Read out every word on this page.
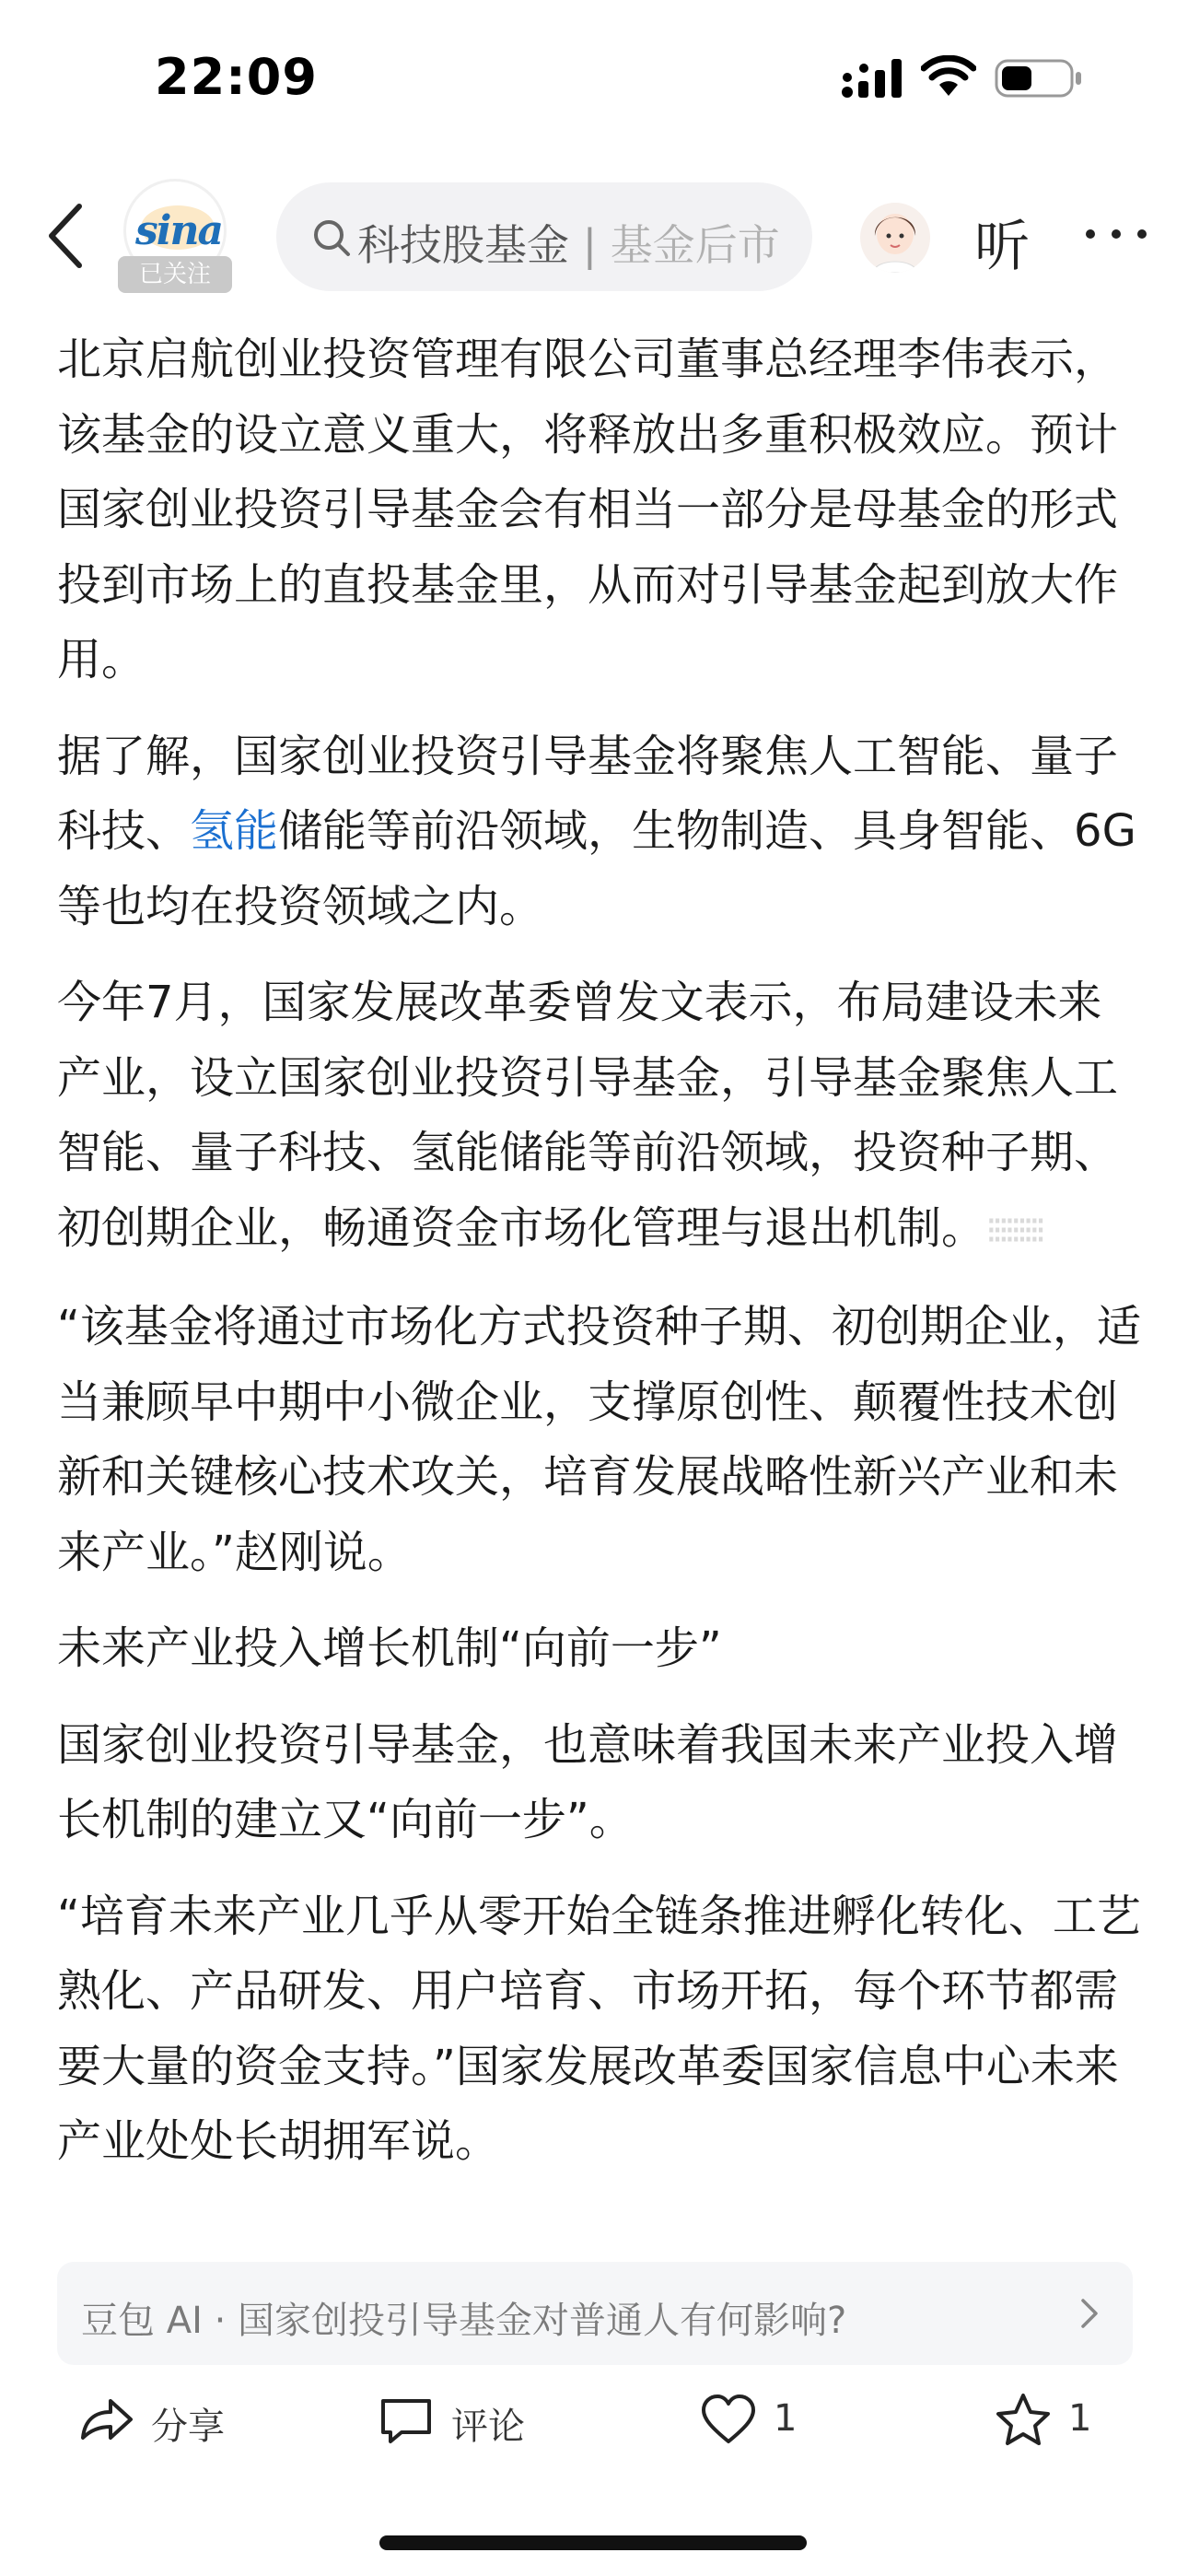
22:09
sina
已关注
科技股基金 | 基金后市	听

北京启航创业投资管理有限公司董事总经理李伟表示，该基金的设立意义重大，将释放出多重积极效应。预计国家创业投资引导基金会有相当一部分是母基金的形式投到市场上的直投基金里，从而对引导基金起到放大作用。

据了解，国家创业投资引导基金将聚焦人工智能、量子科技、氢能储能等前沿领域，生物制造、具身智能、6G等也均在投资领域之内。

今年7月，国家发展改革委曾发文表示，布局建设未来产业，设立国家创业投资引导基金，引导基金聚焦人工智能、量子科技、氢能储能等前沿领域，投资种子期、初创期企业，畅通资金市场化管理与退出机制。⁝⁝⁝⁝⁝⁝⁝⁝⁝

“该基金将通过市场化方式投资种子期、初创期企业，适当兼顾早中期中小微企业，支撑原创性、颠覆性技术创新和关键核心技术攻关，培育发展战略性新兴产业和未来产业。”赵刚说。

未来产业投入增长机制“向前一步”

国家创业投资引导基金，也意味着我国未来产业投入增长机制的建立又“向前一步”。

“培育未来产业几乎从零开始全链条推进孵化转化、工艺熟化、产品研发、用户培育、市场开拓，每个环节都需要大量的资金支持。”国家发展改革委国家信息中心未来产业处处长胡拥军说。

豆包 AI · 国家创投引导基金对普通人有何影响?
分享	评论	1	1
